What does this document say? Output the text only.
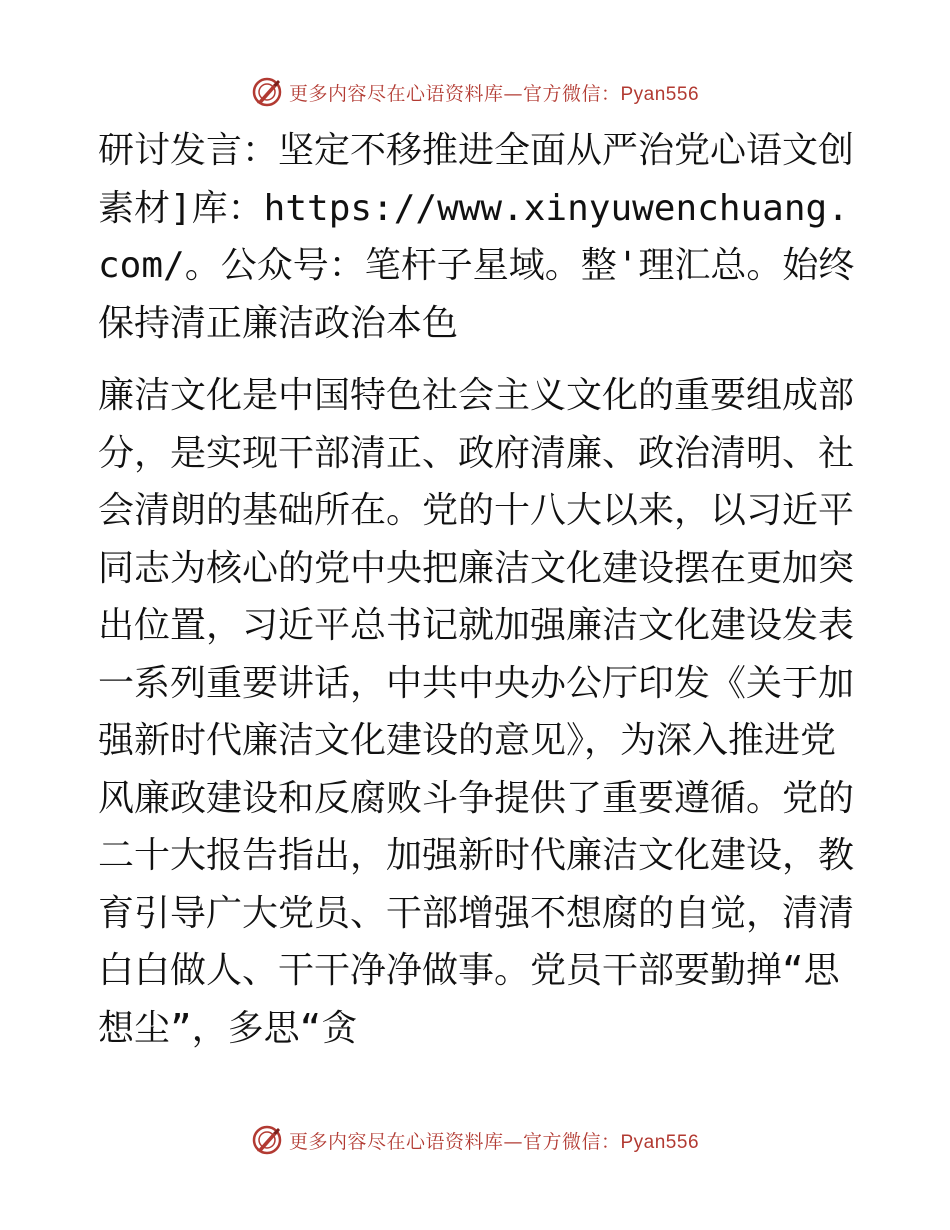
更多内容尽在心语资料库—官方微信：Pyan556

研讨发言：坚定不移推进全面从严治党心语文创素材]库：https://www.xinyuwenchuang.com/。公众号：笔杆子星域。整'理汇总。始终保持清正廉洁政治本色

廉洁文化是中国特色社会主义文化的重要组成部分，是实现干部清正、政府清廉、政治清明、社会清朗的基础所在。党的十八大以来，以习近平同志为核心的党中央把廉洁文化建设摆在更加突出位置，习近平总书记就加强廉洁文化建设发表一系列重要讲话，中共中央办公厅印发《关于加强新时代廉洁文化建设的意见》，为深入推进党风廉政建设和反腐败斗争提供了重要遵循。党的二十大报告指出，加强新时代廉洁文化建设，教育引导广大党员、干部增强不想腐的自觉，清清白白做人、干干净净做事。党员干部要勤掸“思想尘”，多思“贪

更多内容尽在心语资料库—官方微信：Pyan556
